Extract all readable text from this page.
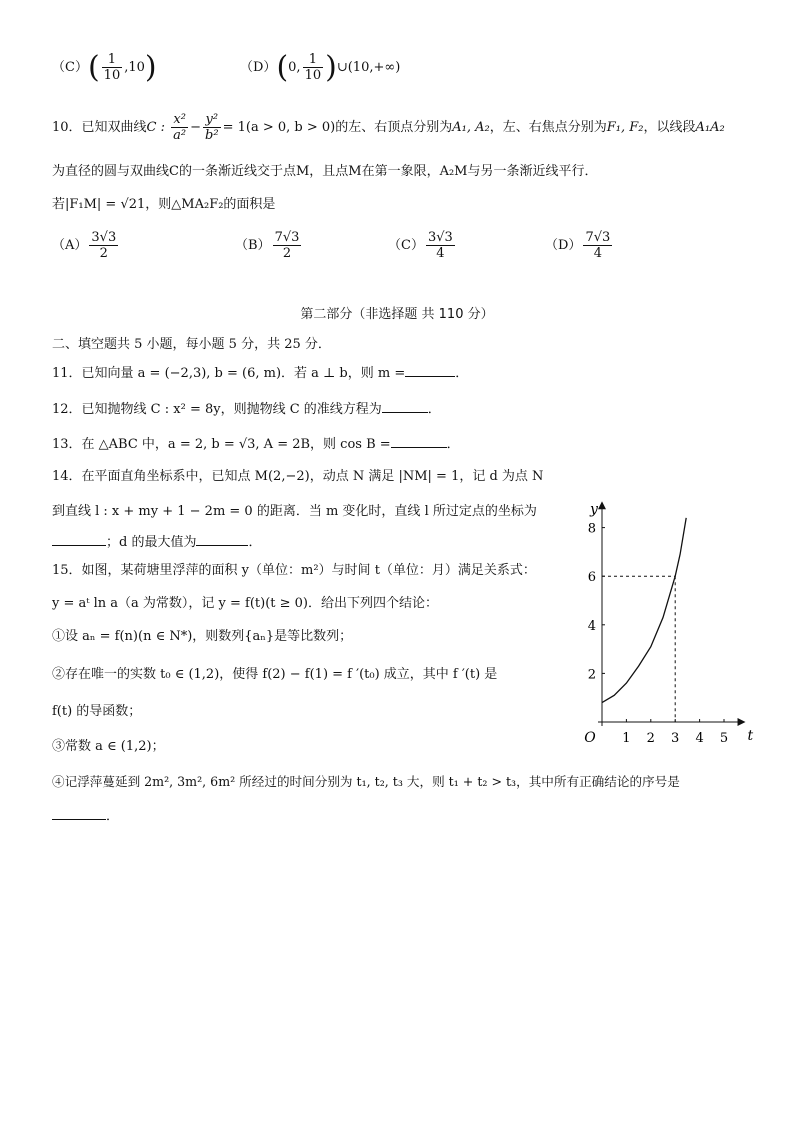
$(C)( \frac{1}{10} ,10)$	（D）(0, $\frac{1}{10}$ )∪(10,+∞)
10．已知双曲线C : $\frac{\text{x²}}{\text{a²}} - \frac{\text{y²}}{\text{b²}} = 1(a > 0$, b > 0)的左、右顶点分别为A₁, A₂，左、右焦点分别为F₁, F₂，以线段A₁A₂
为直径的圆与双曲线C的一条渐近线交于点M，且点M在第一象限，A₂M与另一条渐近线平行．
若|F₁M| = √21，则△MA₂F₂的面积是
$(A) \frac{3√3}{2}$	$(B) \frac{7√3}{2}$	$(C) \frac{3√3}{4}$	$(D) \frac{7√3}{4}$
第二部分（非选择题 共 110 分）
二、填空题共 5 小题，每小题 5 分，共 25 分．
11．已知向量 a = (−2,3), b = (6, m)．若 a ⊥ b，则 m =	．
12．已知抛物线 C : x² = 8y，则抛物线 C 的准线方程为	．
13．在 △ABC 中，a = 2, b = √3, A = 2B，则 cos B =	．
14．在平面直角坐标系中，已知点 M(2,−2)，动点 N 满足 |NM| = 1，记 d 为点 N
到直线 l : x + my + 1 − 2m = 0 的距离．当 m 变化时，直线 l 所过定点的坐标为
；d 的最大值为	．
15．如图，某荷塘里浮萍的面积 y（单位：m²）与时间 t（单位：月）满足关系式：
y = aᵗ ln a（a 为常数），记 y = f(t)(t ≥ 0)．给出下列四个结论：
①设 aₙ = f(n)(n ∈ N*)，则数列{aₙ}是等比数列；
②存在唯一的实数 t₀ ∈ (1,2)，使得 f(2) − f(1) = f ′(t₀) 成立，其中 f ′(t) 是
f(t) 的导函数；
③常数 a ∈ (1,2)；
④记浮萍蔓延到 2m², 3m², 6m² 所经过的时间分别为 t₁, t₂, t₃ 大，则 t₁ + t₂ > t₃，其中所有正确结论的序号是
．
1 2 3 4 5
2
4
6
8
O	t
y
